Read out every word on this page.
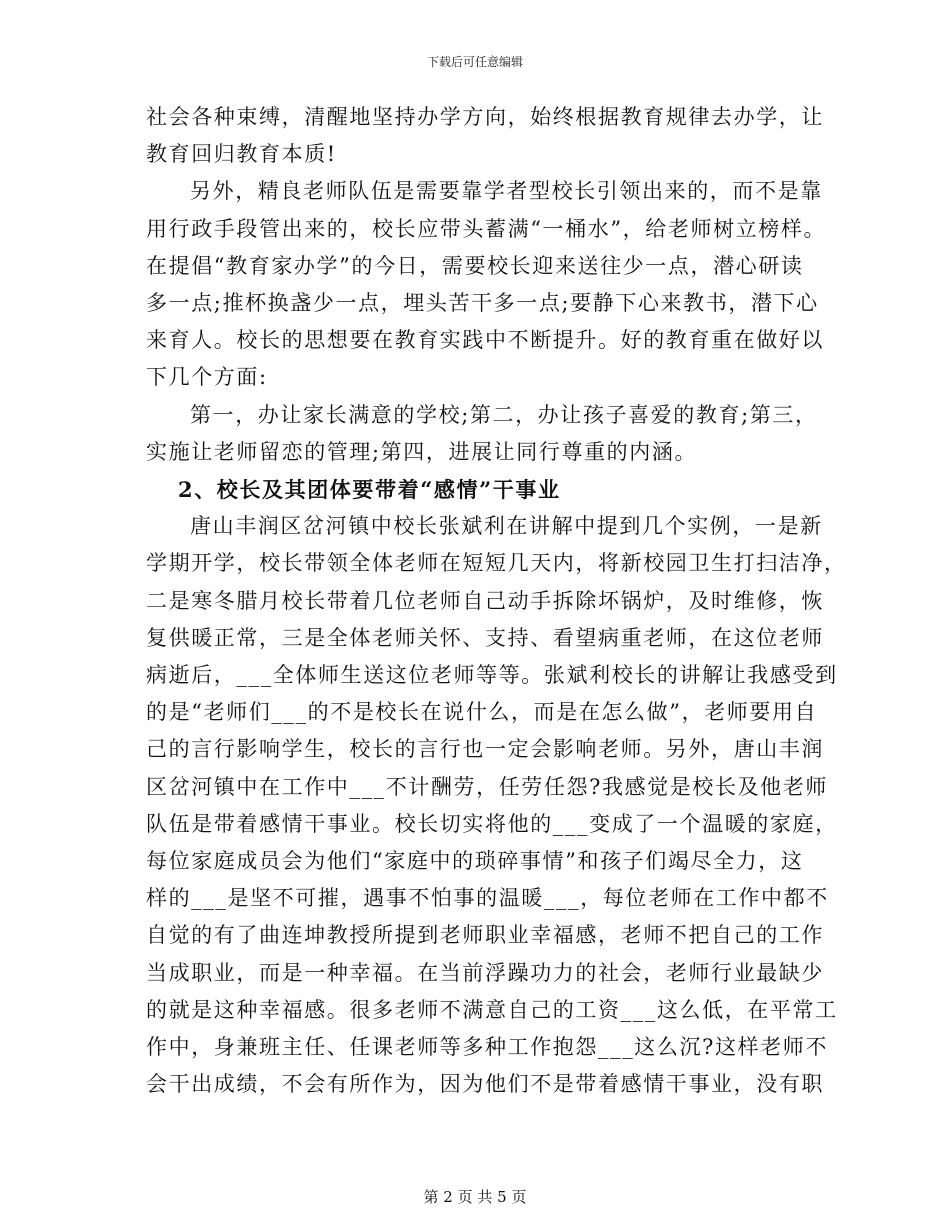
下载后可任意编辑

社会各种束缚，清醒地坚持办学方向，始终根据教育规律去办学，让

教育回归教育本质!

另外，精良老师队伍是需要靠学者型校长引领出来的，而不是靠

用行政手段管出来的，校长应带头蓄满“一桶水”，给老师树立榜样。

在提倡“教育家办学”的今日，需要校长迎来送往少一点，潜心研读

多一点;推杯换盏少一点，埋头苦干多一点;要静下心来教书，潜下心

来育人。校长的思想要在教育实践中不断提升。好的教育重在做好以

下几个方面:

第一，办让家长满意的学校;第二，办让孩子喜爱的教育;第三，

实施让老师留恋的管理;第四，进展让同行尊重的内涵。

2、校长及其团体要带着“感情”干事业

唐山丰润区岔河镇中校长张斌利在讲解中提到几个实例，一是新

学期开学，校长带领全体老师在短短几天内，将新校园卫生打扫洁净，

二是寒冬腊月校长带着几位老师自己动手拆除坏锅炉，及时维修，恢

复供暖正常，三是全体老师关怀、支持、看望病重老师，在这位老师

病逝后，___全体师生送这位老师等等。张斌利校长的讲解让我感受到

的是“老师们___的不是校长在说什么，而是在怎么做”，老师要用自

己的言行影响学生，校长的言行也一定会影响老师。另外，唐山丰润

区岔河镇中在工作中___不计酬劳，任劳任怨?我感觉是校长及他老师

队伍是带着感情干事业。校长切实将他的___变成了一个温暖的家庭，

每位家庭成员会为他们“家庭中的琐碎事情”和孩子们竭尽全力，这

样的___是坚不可摧，遇事不怕事的温暖___，每位老师在工作中都不

自觉的有了曲连坤教授所提到老师职业幸福感，老师不把自己的工作

当成职业，而是一种幸福。在当前浮躁功力的社会，老师行业最缺少

的就是这种幸福感。很多老师不满意自己的工资___这么低，在平常工

作中，身兼班主任、任课老师等多种工作抱怨___这么沉?这样老师不

会干出成绩，不会有所作为，因为他们不是带着感情干事业，没有职

第 2 页 共 5 页
